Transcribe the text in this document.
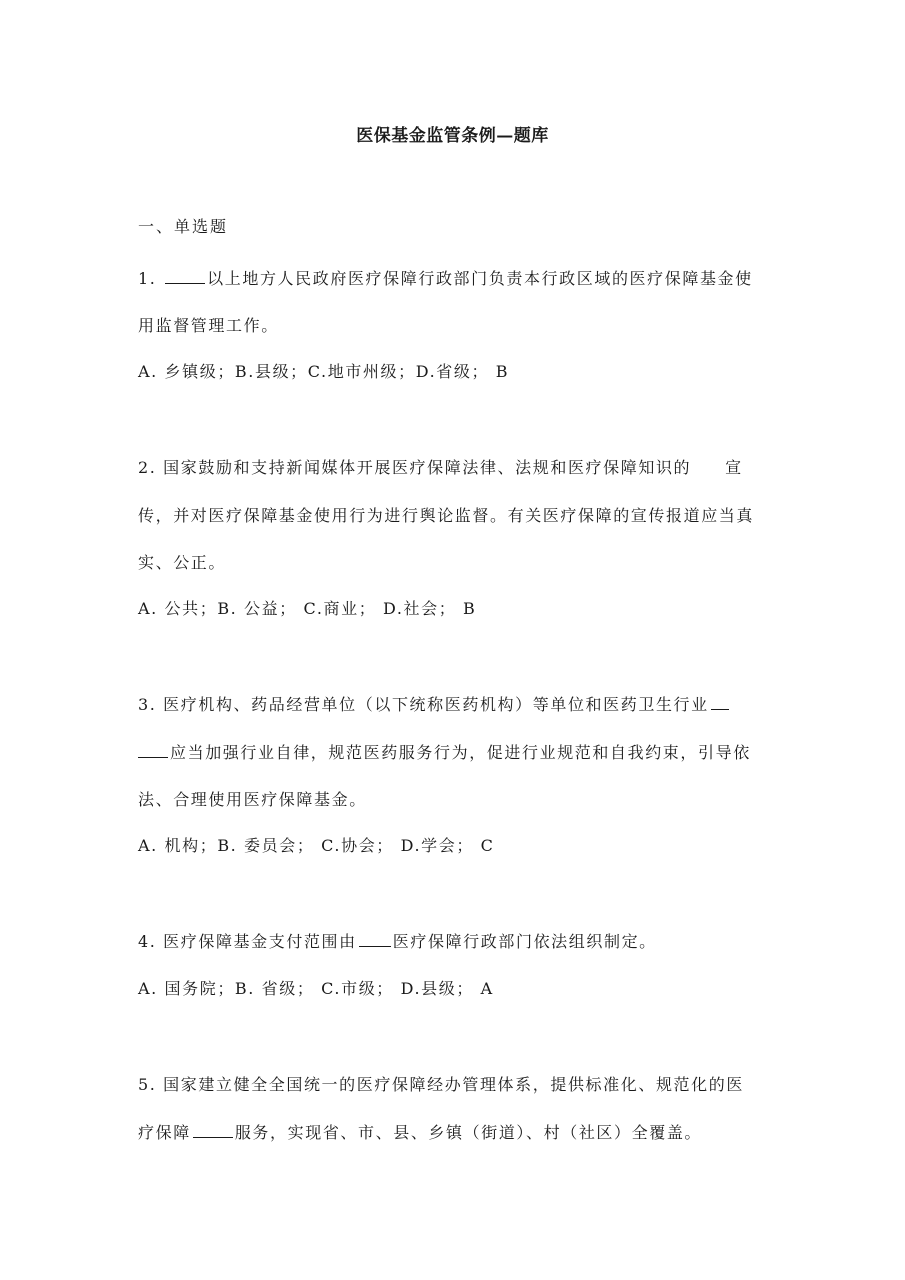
医保基金监管条例—题库
一、单选题
1.	以上地方人民政府医疗保障行政部门负责本行政区域的医疗保障基金使
用监督管理工作。
A. 乡镇级；B.县级；C.地市州级；D.省级； B
2. 国家鼓励和支持新闻媒体开展医疗保障法律、法规和医疗保障知识的 宣
传，并对医疗保障基金使用行为进行舆论监督。有关医疗保障的宣传报道应当真
实、公正。
A. 公共；B. 公益； C.商业； D.社会； B
3. 医疗机构、药品经营单位（以下统称医药机构）等单位和医药卫生行业
应当加强行业自律，规范医药服务行为，促进行业规范和自我约束，引导依
法、合理使用医疗保障基金。
A. 机构；B. 委员会； C.协会； D.学会； C
4. 医疗保障基金支付范围由 医疗保障行政部门依法组织制定。
A. 国务院；B. 省级； C.市级； D.县级； A
5. 国家建立健全全国统一的医疗保障经办管理体系，提供标准化、规范化的医
疗保障	服务，实现省、市、县、乡镇（街道）、村（社区）全覆盖。
